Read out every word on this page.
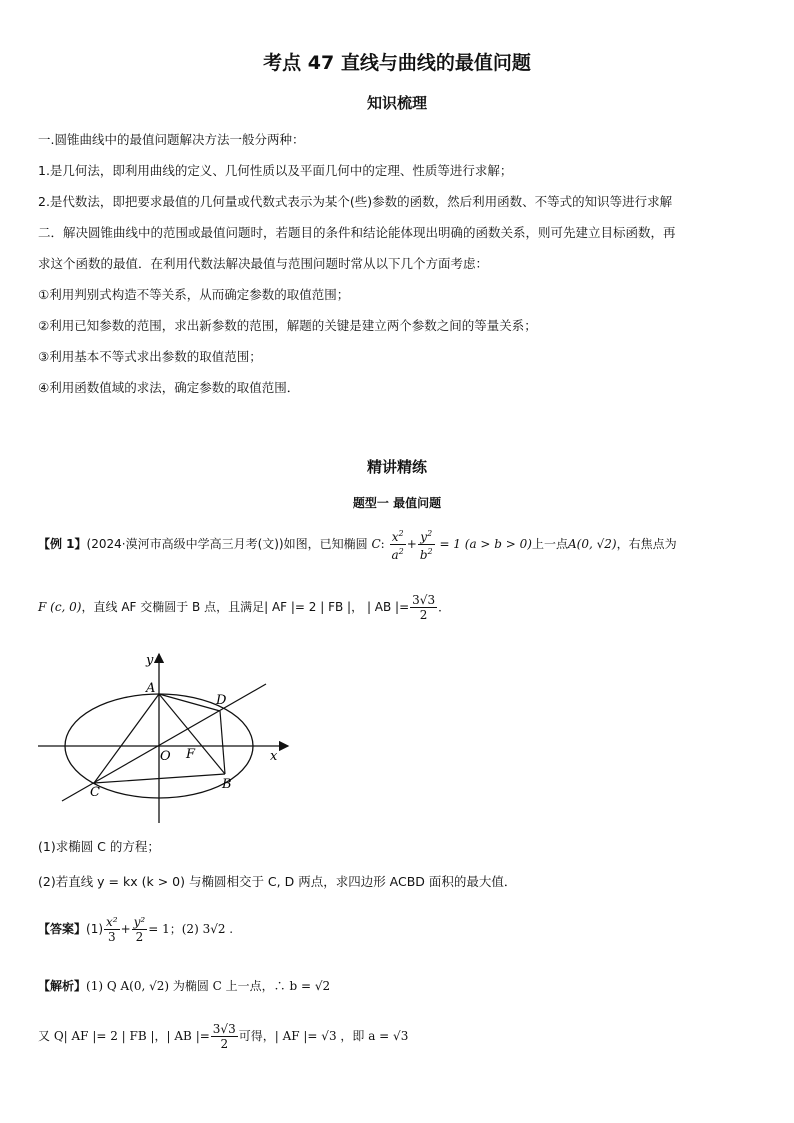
考点 47 直线与曲线的最值问题
知识梳理
一.圆锥曲线中的最值问题解决方法一般分两种：
1.是几何法，即利用曲线的定义、几何性质以及平面几何中的定理、性质等进行求解；
2.是代数法，即把要求最值的几何量或代数式表示为某个(些)参数的函数，然后利用函数、不等式的知识等进行求解
二．解决圆锥曲线中的范围或最值问题时，若题目的条件和结论能体现出明确的函数关系，则可先建立目标函数，再
求这个函数的最值．在利用代数法解决最值与范围问题时常从以下几个方面考虑：
①利用判别式构造不等关系，从而确定参数的取值范围；
②利用已知参数的范围，求出新参数的范围，解题的关键是建立两个参数之间的等量关系；
③利用基本不等式求出参数的取值范围；
④利用函数值域的求法，确定参数的取值范围．
精讲精练
题型一 最值问题
【例 1】(2024·漠河市高级中学高三月考(文))如图，已知椭圆 C: $\frac{x^2}{a^2} + \frac{y^2}{b^2} = 1$ (a > b > 0)上一点A(0, √2)，右焦点为
F (c, 0)，直线 AF 交椭圆于 B 点，且满足| AF |= 2 | FB |， | AB |= $\frac{3√3}{2}$ ．
y
x
A
D
O F
C
B
(1)求椭圆 C 的方程；
(2)若直线 y = kx (k > 0) 与椭圆相交于 C, D 两点，求四边形 ACBD 面积的最大值．
【答案】$(1) \frac{\text{x²}}{3} + \frac{\text{y²}}{2} = 1$；(2) 3√2 .
【解析】(1) Q A(0, √2) 为椭圆 C 上一点，∴ b = √2
又 Q| AF |= 2 | FB |，| AB |= $\frac{3√3}{2}$ 可得，| AF |= √3 ，即 a = √3
